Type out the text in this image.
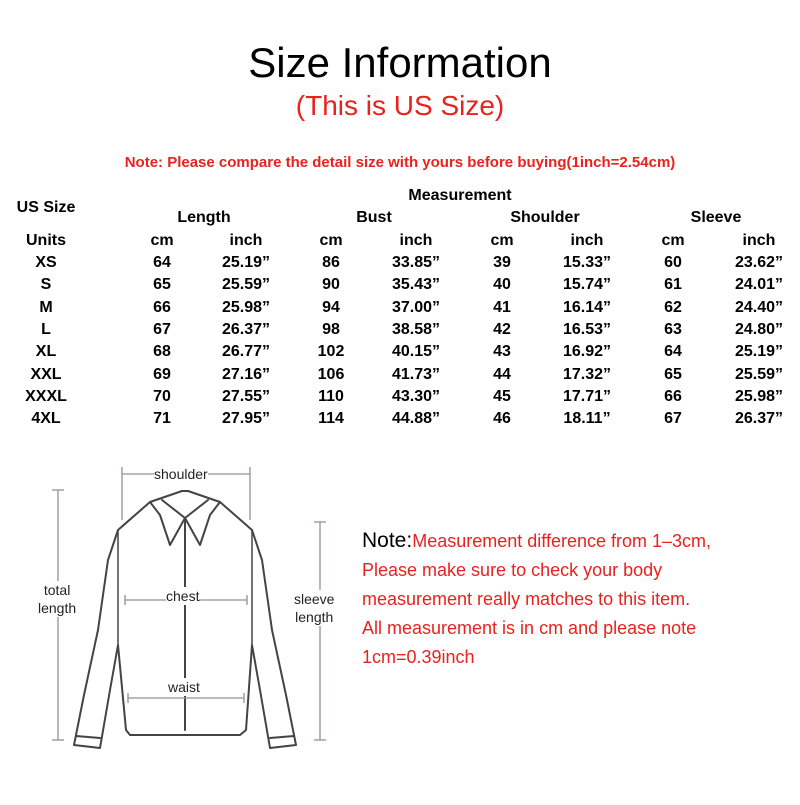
Size Information
(This is US Size)
Note: Please compare the detail size with yours before buying(1inch=2.54cm)
US Size
Measurement
Length	Bust	Shoulder	Sleeve
Units	cm	inch	cm	inch	cm	inch	cm	inch
XS	64	25.19”	86	33.85”	39	15.33”	60	23.62”
S	65	25.59”	90	35.43”	40	15.74”	61	24.01”
M	66	25.98”	94	37.00”	41	16.14”	62	24.40”
L	67	26.37”	98	38.58”	42	16.53”	63	24.80”
XL	68	26.77”	102	40.15”	43	16.92”	64	25.19”
XXL	69	27.16”	106	41.73”	44	17.32”	65	25.59”
XXXL	70	27.55”	110	43.30”	45	17.71”	66	25.98”
4XL	71	27.95”	114	44.88”	46	18.11”	67	26.37”
shoulder
total
length
chest	sleeve
length
waist
Note:Measurement difference from 1–3cm,
Please make sure to check your body
measurement really matches to this item.
All measurement is in cm and please note
1cm=0.39inch
